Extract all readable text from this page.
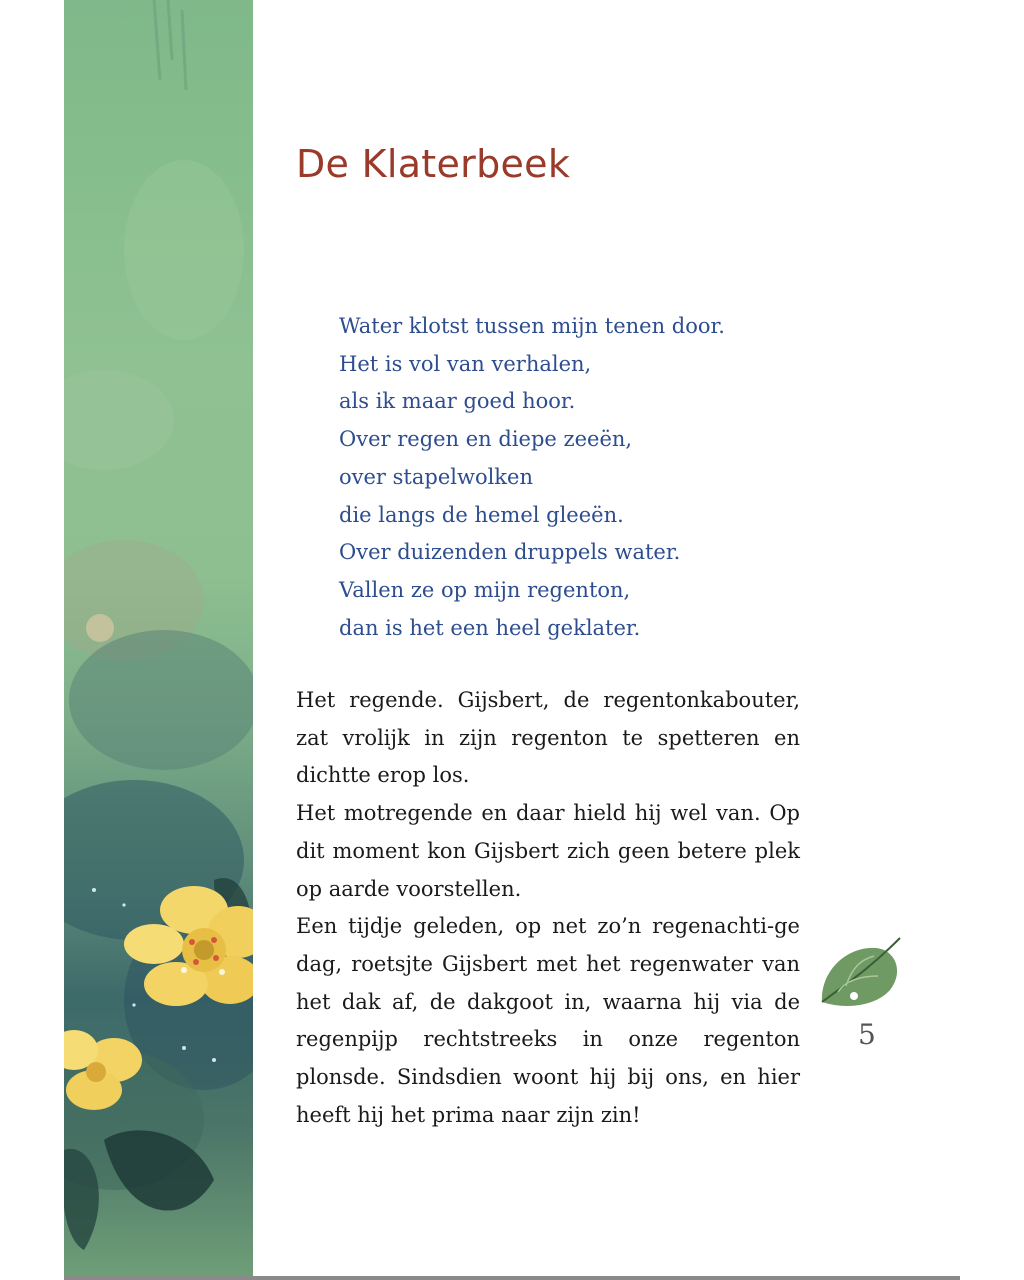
De Klaterbeek
Water klotst tussen mijn tenen door.
Het is vol van verhalen,
als ik maar goed hoor.
Over regen en diepe zeeën,
over stapelwolken
die langs de hemel gleeën.
Over duizenden druppels water.
Vallen ze op mijn regenton,
dan is het een heel geklater.

Het regende. Gijsbert, de regentonkabouter, zat vrolijk in zijn regenton te spetteren en dichtte erop los.

Het motregende en daar hield hij wel van. Op dit moment kon Gijsbert zich geen betere plek op aarde voorstellen.

Een tijdje geleden, op net zo’n regenachti-ge dag, roetsjte Gijsbert met het regenwater van het dak af, de dakgoot in, waarna hij via de regenpijp rechtstreeks in onze regenton plonsde. Sindsdien woont hij bij ons, en hier heeft hij het prima naar zijn zin!

5
